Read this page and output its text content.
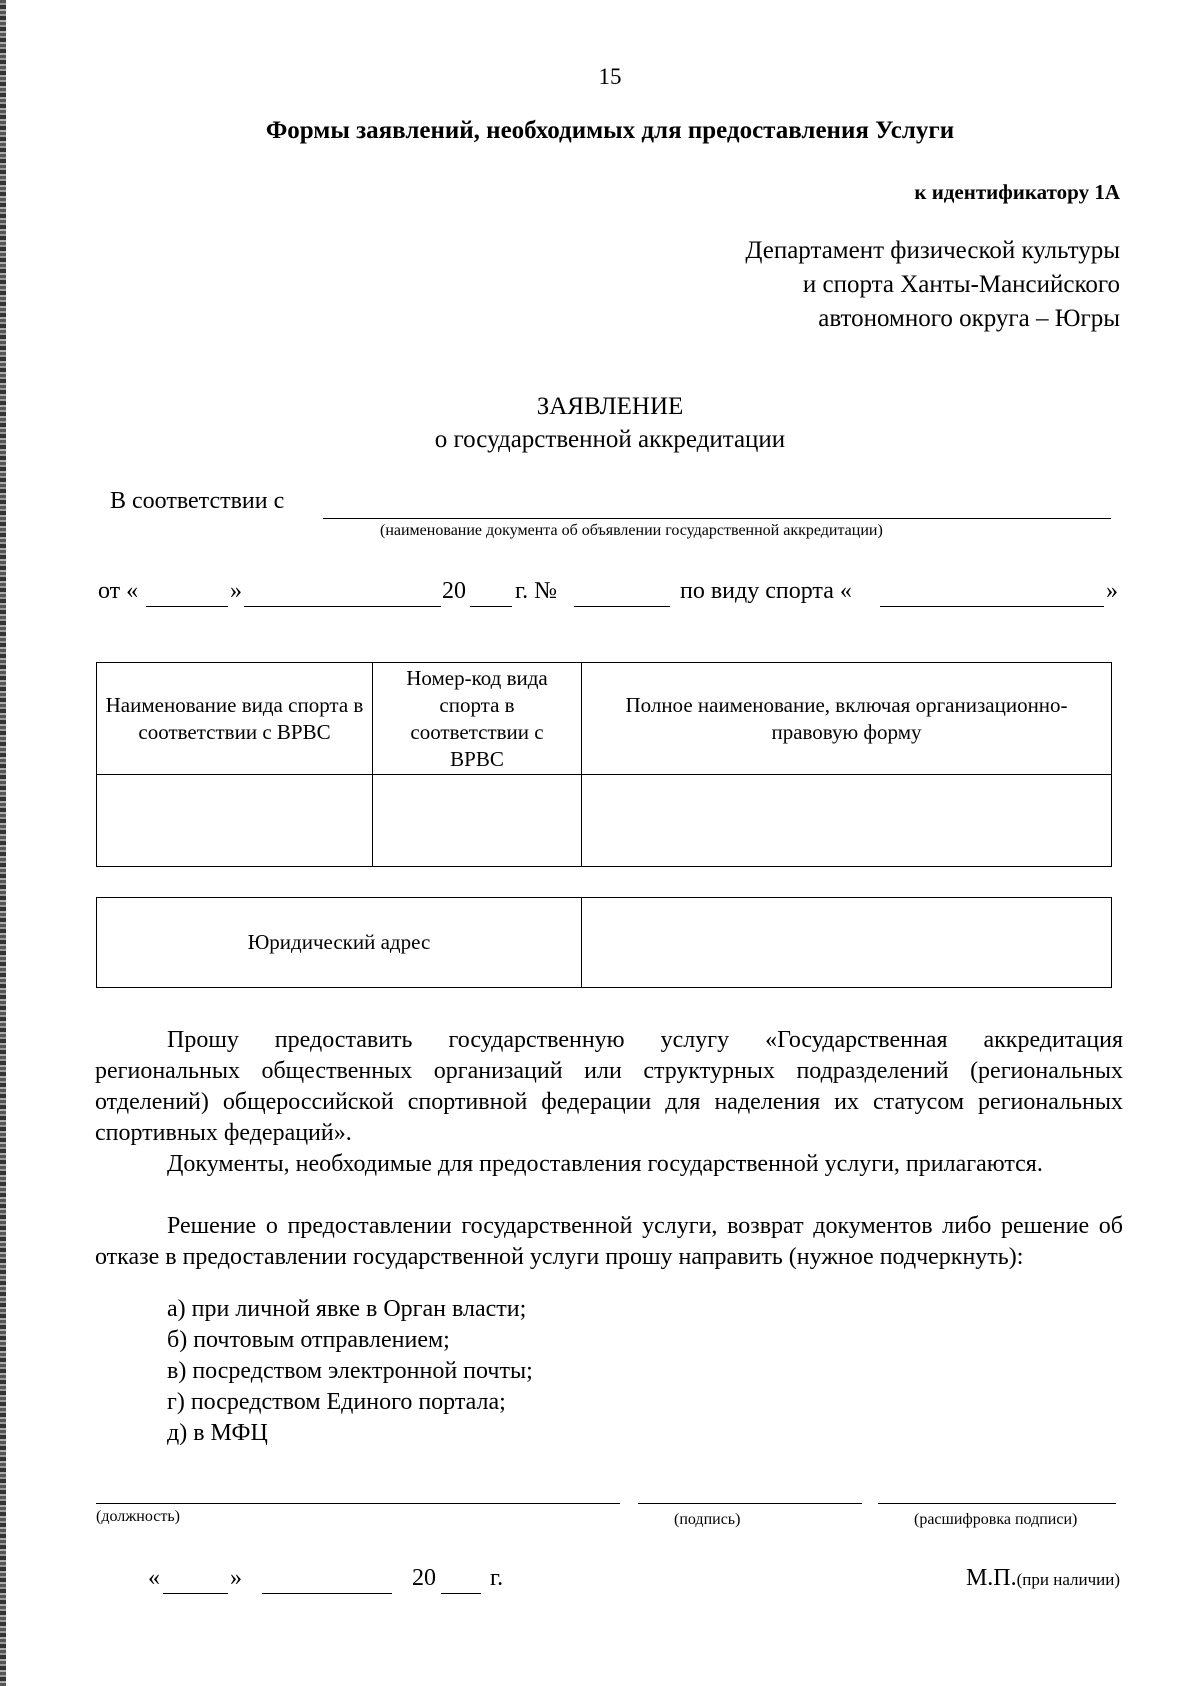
15
Формы заявлений, необходимых для предоставления Услуги
к идентификатору 1А
Департамент физической культуры
и спорта Ханты-Мансийского
автономного округа – Югры
ЗАЯВЛЕНИЕ
о государственной аккредитации
В соответствии с
(наименование документа об объявлении государственной аккредитации)
от «	»	20 г. №	по виду спорта «	»
Наименование вида спорта в соответствии с ВРВС	Номер-код вида спорта в соответствии с ВРВС	Полное наименование, включая организационно-правовую форму

Юридический адрес	
Прошу предоставить государственную услугу «Государственная аккредитация региональных общественных организаций или структурных подразделений (региональных отделений) общероссийской спортивной федерации для наделения их статусом региональных спортивных федераций».
Документы, необходимые для предоставления государственной услуги, прилагаются.
Решение о предоставлении государственной услуги, возврат документов либо решение об отказе в предоставлении государственной услуги прошу направить (нужное подчеркнуть):
а) при личной явке в Орган власти;
б) почтовым отправлением;
в) посредством электронной почты;
г) посредством Единого портала;
д) в МФЦ
(должность)	(подпись)	(расшифровка подписи)
«	»	20 г.	М.П.(при наличии)
